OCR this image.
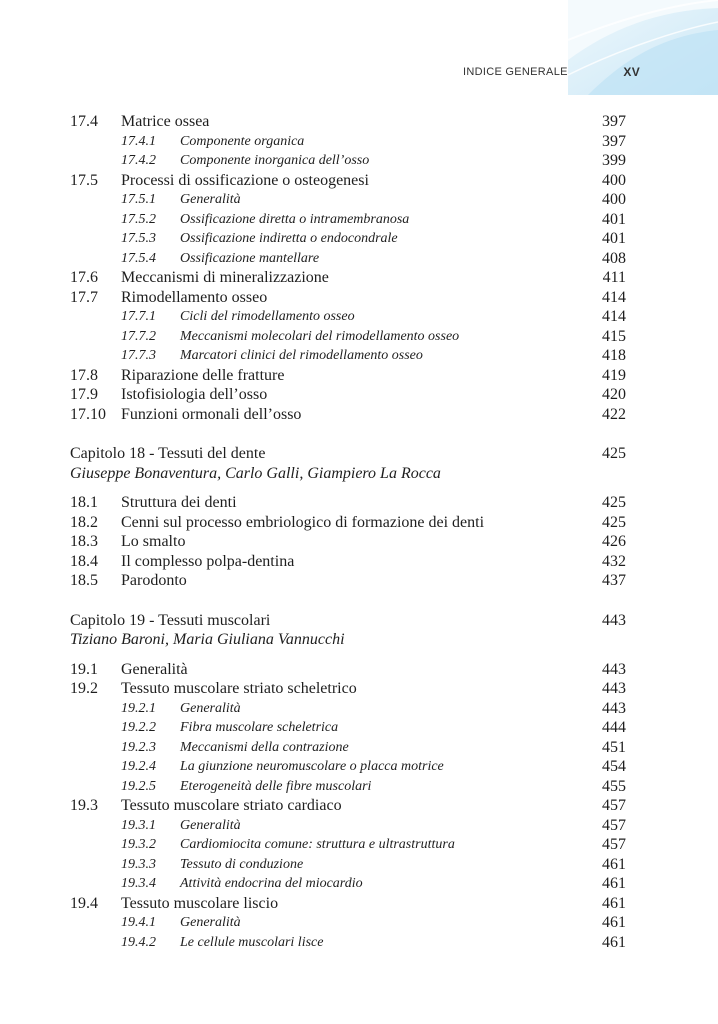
INDICE GENERALE	XV
17.4 Matrice ossea	397
17.4.1 Componente organica	397
17.4.2 Componente inorganica dell’osso	399
17.5 Processi di ossificazione o osteogenesi	400
17.5.1 Generalità	400
17.5.2 Ossificazione diretta o intramembranosa	401
17.5.3 Ossificazione indiretta o endocondrale	401
17.5.4 Ossificazione mantellare	408
17.6 Meccanismi di mineralizzazione	411
17.7 Rimodellamento osseo	414
17.7.1 Cicli del rimodellamento osseo	414
17.7.2 Meccanismi molecolari del rimodellamento osseo	415
17.7.3 Marcatori clinici del rimodellamento osseo	418
17.8 Riparazione delle fratture	419
17.9 Istofisiologia dell’osso	420
17.10 Funzioni ormonali dell’osso	422
Capitolo 18 - Tessuti del dente	425
Giuseppe Bonaventura, Carlo Galli, Giampiero La Rocca
18.1 Struttura dei denti	425
18.2 Cenni sul processo embriologico di formazione dei denti	425
18.3 Lo smalto	426
18.4 Il complesso polpa-dentina	432
18.5 Parodonto	437
Capitolo 19 - Tessuti muscolari	443
Tiziano Baroni, Maria Giuliana Vannucchi
19.1 Generalità	443
19.2 Tessuto muscolare striato scheletrico	443
19.2.1 Generalità	443
19.2.2 Fibra muscolare scheletrica	444
19.2.3 Meccanismi della contrazione	451
19.2.4 La giunzione neuromuscolare o placca motrice	454
19.2.5 Eterogeneità delle fibre muscolari	455
19.3 Tessuto muscolare striato cardiaco	457
19.3.1 Generalità	457
19.3.2 Cardiomiocita comune: struttura e ultrastruttura	457
19.3.3 Tessuto di conduzione	461
19.3.4 Attività endocrina del miocardio	461
19.4 Tessuto muscolare liscio	461
19.4.1 Generalità	461
19.4.2 Le cellule muscolari lisce	461
